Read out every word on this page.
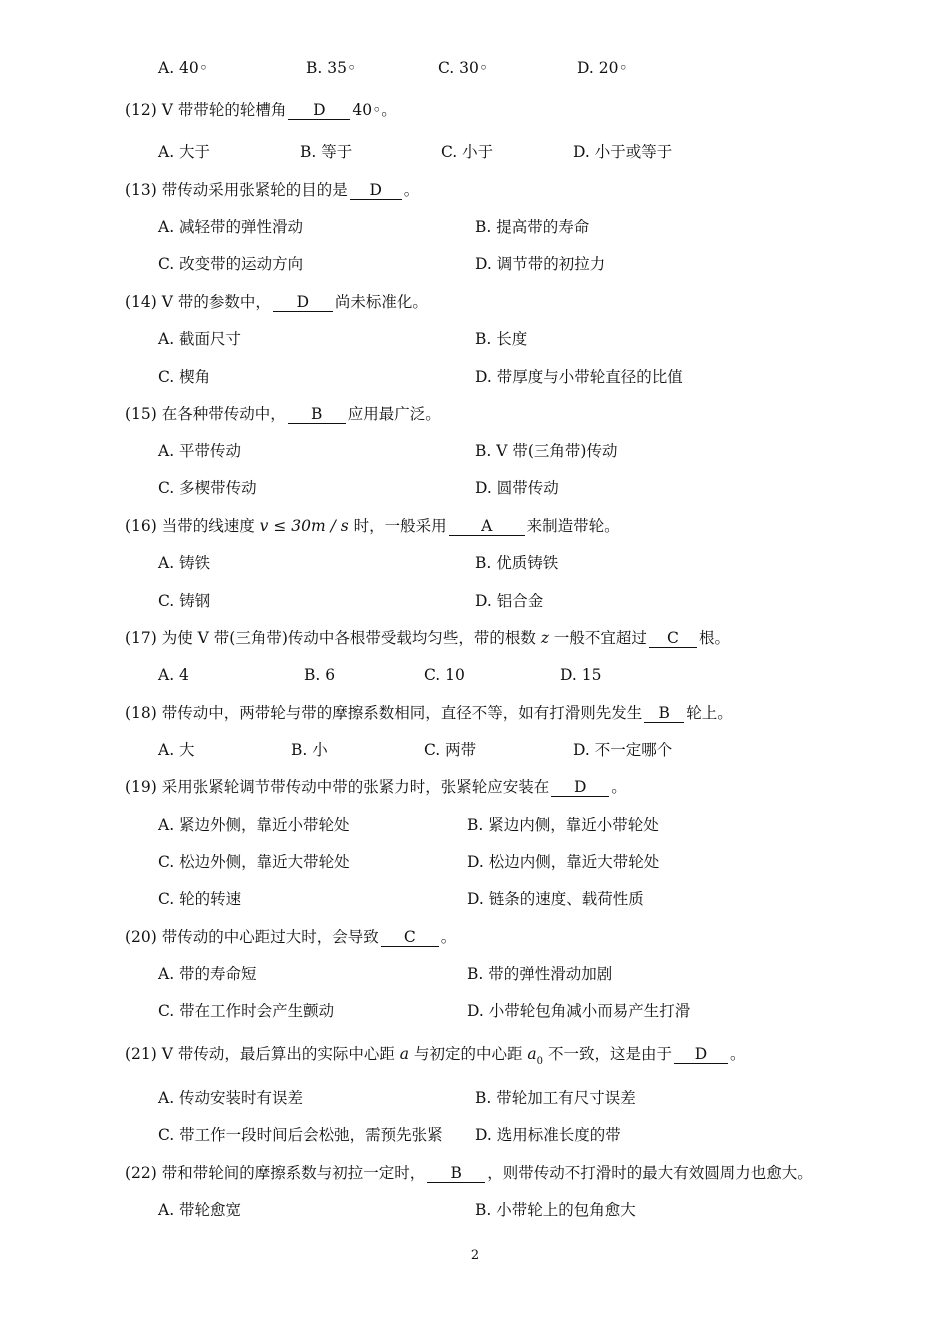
A. 40◦	B. 35◦	C. 30◦	D. 20◦
(12) V 带带轮的轮槽角 D 40◦。
A. 大于	B. 等于	C. 小于	D. 小于或等于
(13) 带传动采用张紧轮的目的是 D 。
A. 减轻带的弹性滑动	B. 提高带的寿命
C. 改变带的运动方向	D. 调节带的初拉力
(14) V 带的参数中， D 尚未标准化。
A. 截面尺寸	B. 长度
C. 楔角	D. 带厚度与小带轮直径的比值
(15) 在各种带传动中， B 应用最广泛。
A. 平带传动	B. V 带(三角带)传动
C. 多楔带传动	D. 圆带传动
(16) 当带的线速度 v ≤ 30m / s 时，一般采用 A 来制造带轮。
A. 铸铁	B. 优质铸铁
C. 铸钢	D. 铝合金
(17) 为使 V 带(三角带)传动中各根带受载均匀些，带的根数 z 一般不宜超过 C 根。
A. 4	B. 6	C. 10	D. 15
(18) 带传动中，两带轮与带的摩擦系数相同，直径不等，如有打滑则先发生 B 轮上。
A. 大	B. 小	C. 两带	D. 不一定哪个
(19) 采用张紧轮调节带传动中带的张紧力时，张紧轮应安装在 D 。
A. 紧边外侧，靠近小带轮处	B. 紧边内侧，靠近小带轮处
C. 松边外侧，靠近大带轮处	D. 松边内侧，靠近大带轮处
C. 轮的转速	D. 链条的速度、载荷性质
(20) 带传动的中心距过大时，会导致 C 。
A. 带的寿命短	B. 带的弹性滑动加剧
C. 带在工作时会产生颤动	D. 小带轮包角减小而易产生打滑
(21) V 带传动，最后算出的实际中心距 a 与初定的中心距 $a_0$ 不一致，这是由于 D 。
A. 传动安装时有误差	B. 带轮加工有尺寸误差
C. 带工作一段时间后会松弛，需预先张紧 D. 选用标准长度的带
(22) 带和带轮间的摩擦系数与初拉一定时， B ，则带传动不打滑时的最大有效圆周力也愈大。
A. 带轮愈宽	B. 小带轮上的包角愈大
2
